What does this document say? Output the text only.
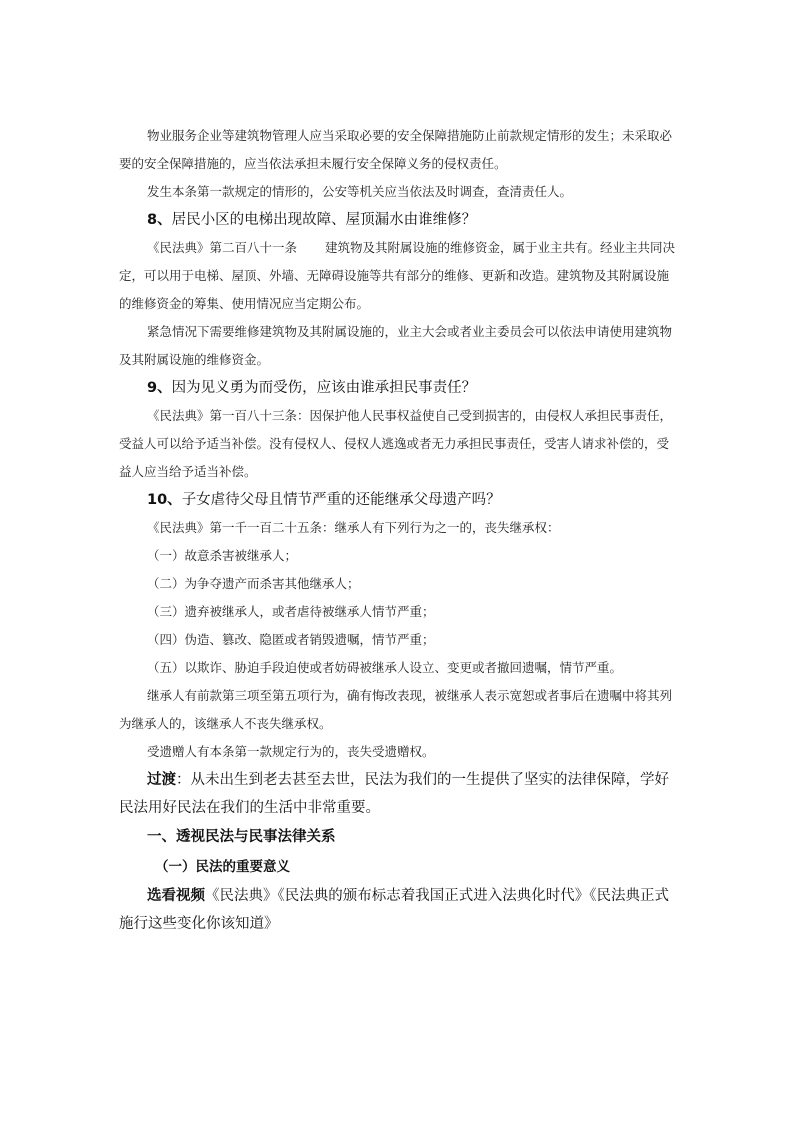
物业服务企业等建筑物管理人应当采取必要的安全保障措施防止前款规定情形的发生；未采取必要的安全保障措施的，应当依法承担未履行安全保障义务的侵权责任。

发生本条第一款规定的情形的，公安等机关应当依法及时调查，查清责任人。

8、居民小区的电梯出现故障、屋顶漏水由谁维修？

《民法典》第二百八十一条 建筑物及其附属设施的维修资金，属于业主共有。经业主共同决定，可以用于电梯、屋顶、外墙、无障碍设施等共有部分的维修、更新和改造。建筑物及其附属设施的维修资金的筹集、使用情况应当定期公布。

紧急情况下需要维修建筑物及其附属设施的，业主大会或者业主委员会可以依法申请使用建筑物及其附属设施的维修资金。

9、因为见义勇为而受伤，应该由谁承担民事责任？

《民法典》第一百八十三条：因保护他人民事权益使自己受到损害的，由侵权人承担民事责任，受益人可以给予适当补偿。没有侵权人、侵权人逃逸或者无力承担民事责任，受害人请求补偿的，受益人应当给予适当补偿。

10、子女虐待父母且情节严重的还能继承父母遗产吗？

《民法典》第一千一百二十五条：继承人有下列行为之一的，丧失继承权：

（一）故意杀害被继承人；

（二）为争夺遗产而杀害其他继承人；

（三）遗弃被继承人，或者虐待被继承人情节严重；

（四）伪造、篡改、隐匿或者销毁遗嘱，情节严重；

（五）以欺诈、胁迫手段迫使或者妨碍被继承人设立、变更或者撤回遗嘱，情节严重。

继承人有前款第三项至第五项行为，确有悔改表现，被继承人表示宽恕或者事后在遗嘱中将其列为继承人的，该继承人不丧失继承权。

受遗赠人有本条第一款规定行为的，丧失受遗赠权。

过渡：从未出生到老去甚至去世，民法为我们的一生提供了坚实的法律保障，学好民法用好民法在我们的生活中非常重要。

一、透视民法与民事法律关系

（一）民法的重要意义

选看视频《民法典》《民法典的颁布标志着我国正式进入法典化时代》《民法典正式施行这些变化你该知道》
